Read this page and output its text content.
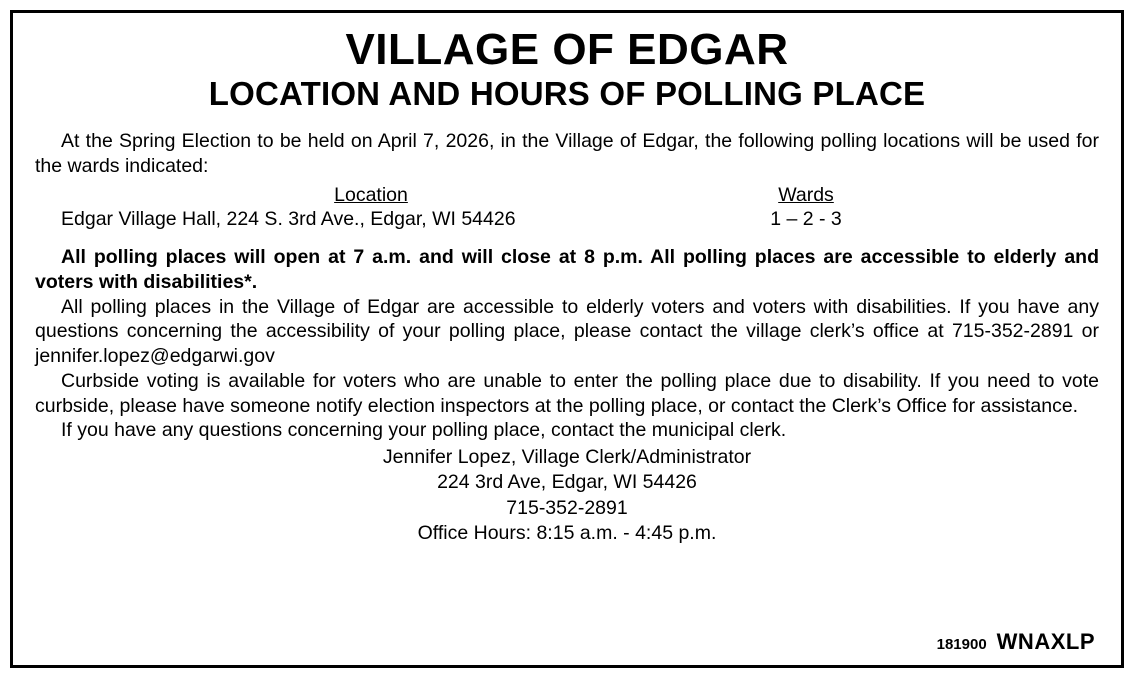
VILLAGE OF EDGAR
LOCATION AND HOURS OF POLLING PLACE

At the Spring Election to be held on April 7, 2026, in the Village of Edgar, the following polling locations will be used for the wards indicated:

Location	Wards
Edgar Village Hall, 224 S. 3rd Ave., Edgar, WI 54426	1 – 2 - 3

All polling places will open at 7 a.m. and will close at 8 p.m. All polling places are accessible to elderly and voters with disabilities*.

All polling places in the Village of Edgar are accessible to elderly voters and voters with disabilities. If you have any questions concerning the accessibility of your polling place, please contact the village clerk’s office at 715-352-2891 or jennifer.lopez@edgarwi.gov

Curbside voting is available for voters who are unable to enter the polling place due to disability. If you need to vote curbside, please have someone notify election inspectors at the polling place, or contact the Clerk’s Office for assistance.

If you have any questions concerning your polling place, contact the municipal clerk.

Jennifer Lopez, Village Clerk/Administrator
224 3rd Ave, Edgar, WI 54426
715-352-2891
Office Hours: 8:15 a.m. - 4:45 p.m.
181900 WNAXLP
